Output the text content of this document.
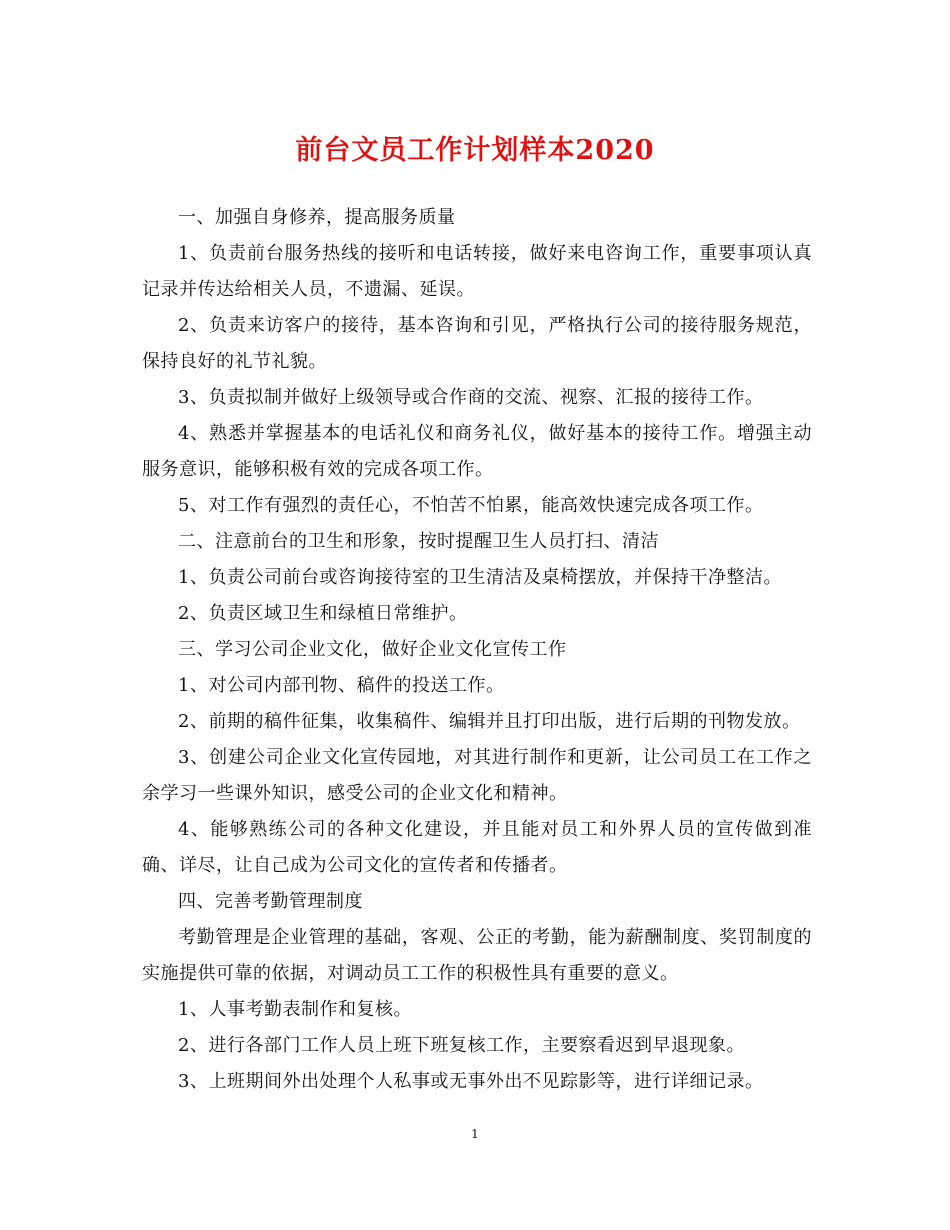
前台文员工作计划样本2020

一、加强自身修养，提高服务质量

1、负责前台服务热线的接听和电话转接，做好来电咨询工作，重要事项认真记录并传达给相关人员，不遗漏、延误。

2、负责来访客户的接待，基本咨询和引见，严格执行公司的接待服务规范，保持良好的礼节礼貌。

3、负责拟制并做好上级领导或合作商的交流、视察、汇报的接待工作。

4、熟悉并掌握基本的电话礼仪和商务礼仪，做好基本的接待工作。增强主动服务意识，能够积极有效的完成各项工作。

5、对工作有强烈的责任心，不怕苦不怕累，能高效快速完成各项工作。

二、注意前台的卫生和形象，按时提醒卫生人员打扫、清洁

1、负责公司前台或咨询接待室的卫生清洁及桌椅摆放，并保持干净整洁。

2、负责区域卫生和绿植日常维护。

三、学习公司企业文化，做好企业文化宣传工作

1、对公司内部刊物、稿件的投送工作。

2、前期的稿件征集，收集稿件、编辑并且打印出版，进行后期的刊物发放。

3、创建公司企业文化宣传园地，对其进行制作和更新，让公司员工在工作之余学习一些课外知识，感受公司的企业文化和精神。

4、能够熟练公司的各种文化建设，并且能对员工和外界人员的宣传做到准确、详尽，让自己成为公司文化的宣传者和传播者。

四、完善考勤管理制度

考勤管理是企业管理的基础，客观、公正的考勤，能为薪酬制度、奖罚制度的实施提供可靠的依据，对调动员工工作的积极性具有重要的意义。

1、人事考勤表制作和复核。

2、进行各部门工作人员上班下班复核工作，主要察看迟到早退现象。

3、上班期间外出处理个人私事或无事外出不见踪影等，进行详细记录。

1
